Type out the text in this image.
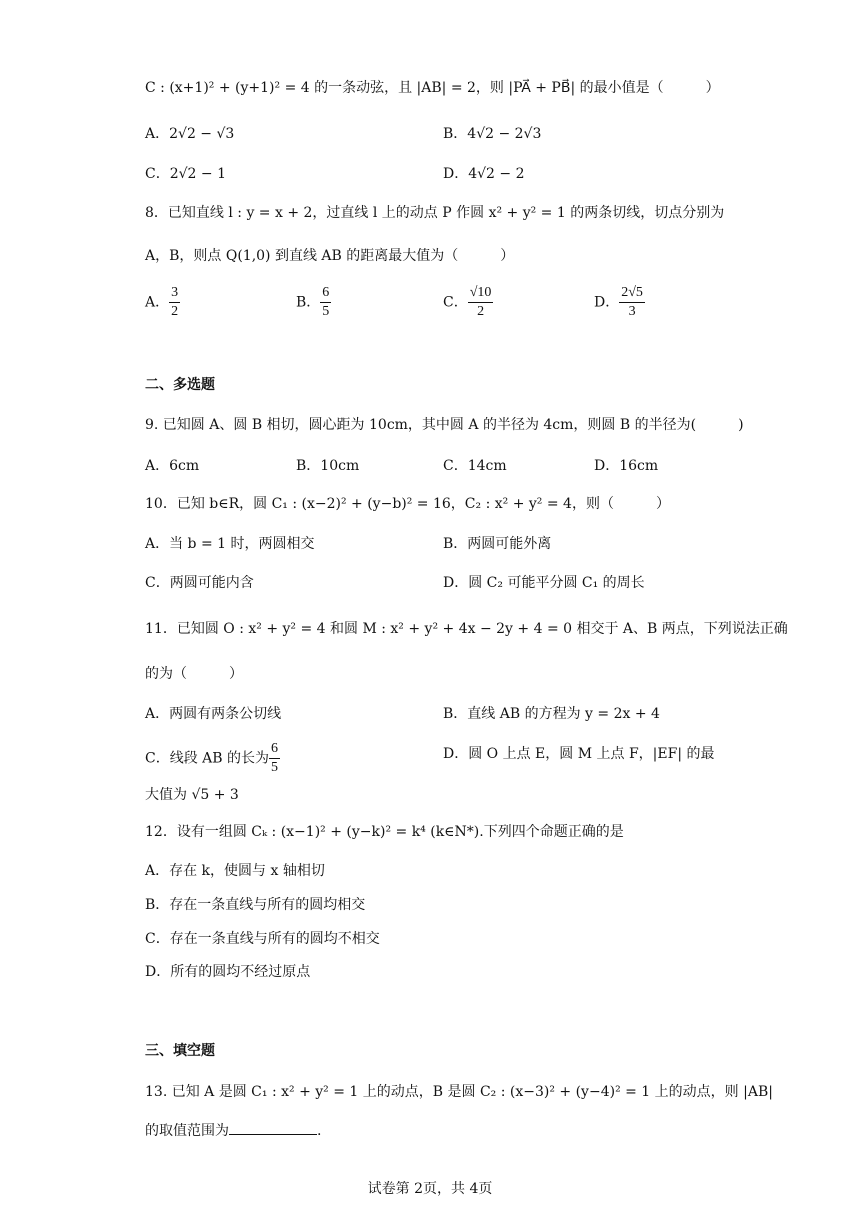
C : (x+1)² + (y+1)² = 4 的一条动弦，且 |AB| = 2，则 |PA⃗ + PB⃗| 的最小值是（　　　）
A．2√2 − √3	B．4√2 − 2√3
C．2√2 − 1	D．4√2 − 2
8．已知直线 l : y = x + 2，过直线 l 上的动点 P 作圆 x² + y² = 1 的两条切线，切点分别为
A，B，则点 Q(1,0) 到直线 AB 的距离最大值为（　　　）
A． $\frac{3}{2}$	B． $\frac{6}{5}$	C． $\frac{√10}{2}$	D． $\frac{2√5}{3}$
二、多选题
9. 已知圆 A、圆 B 相切，圆心距为 10cm，其中圆 A 的半径为 4cm，则圆 B 的半径为(　　　)
A．6cm	B．10cm	C．14cm	D．16cm
10．已知 b∈R，圆 C₁ : (x−2)² + (y−b)² = 16，C₂ : x² + y² = 4，则（　　　）
A．当 b = 1 时，两圆相交	B．两圆可能外离
C．两圆可能内含	D．圆 C₂ 可能平分圆 C₁ 的周长
11．已知圆 O : x² + y² = 4 和圆 M : x² + y² + 4x − 2y + 4 = 0 相交于 A、B 两点，下列说法正确
的为（　　　）
A．两圆有两条公切线	B．直线 AB 的方程为 y = 2x + 4
C．线段 AB 的长为 $\frac{6}{5}$	D．圆 O 上点 E，圆 M 上点 F，|EF| 的最
大值为 √5 + 3
12．设有一组圆 Cₖ : (x−1)² + (y−k)² = k⁴ (k∈N*).下列四个命题正确的是
A．存在 k，使圆与 x 轴相切
B．存在一条直线与所有的圆均相交
C．存在一条直线与所有的圆均不相交
D．所有的圆均不经过原点
三、填空题
13. 已知 A 是圆 C₁ : x² + y² = 1 上的动点，B 是圆 C₂ : (x−3)² + (y−4)² = 1 上的动点，则 |AB|
的取值范围为	.
试卷第 2页，共 4页
